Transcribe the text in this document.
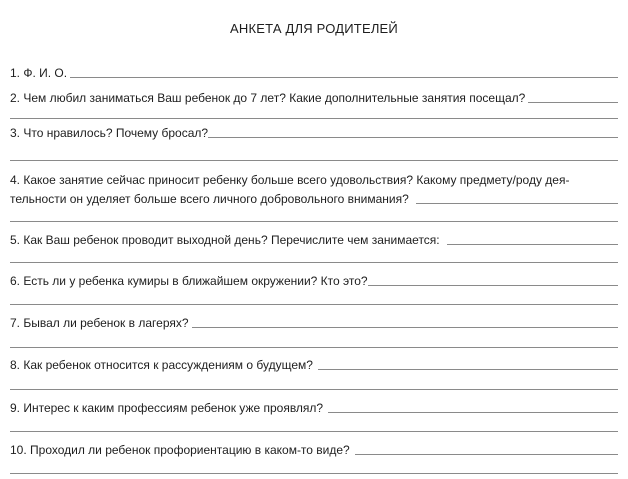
АНКЕТА ДЛЯ РОДИТЕЛЕЙ
1. Ф. И. О.
2. Чем любил заниматься Ваш ребенок до 7 лет? Какие дополнительные занятия посещал?
3. Что нравилось? Почему бросал?
4. Какое занятие сейчас приносит ребенку больше всего удовольствия? Какому предмету/роду дея-
тельности он уделяет больше всего личного добровольного внимания?
5. Как Ваш ребенок проводит выходной день? Перечислите чем занимается:
6. Есть ли у ребенка кумиры в ближайшем окружении? Кто это?
7. Бывал ли ребенок в лагерях?
8. Как ребенок относится к рассуждениям о будущем?
9. Интерес к каким профессиям ребенок уже проявлял?
10. Проходил ли ребенок профориентацию в каком-то виде?
